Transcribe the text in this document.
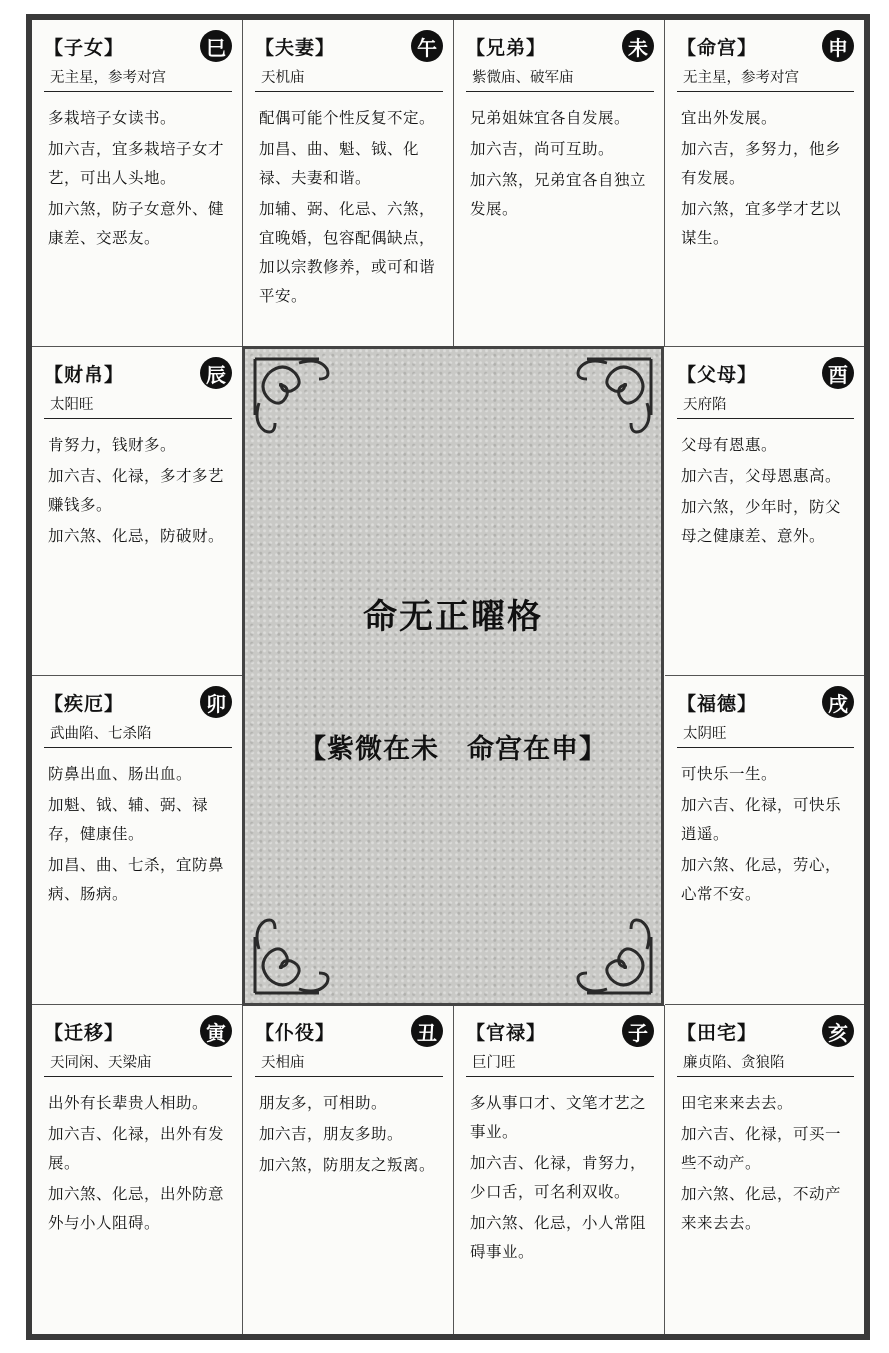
【子女】	巳
无主星，参考对宫

多栽培子女读书。

加六吉，宜多栽培子女才艺，可出人头地。

加六煞，防子女意外、健康差、交恶友。

【夫妻】	午
天机庙

配偶可能个性反复不定。

加昌、曲、魁、钺、化禄、夫妻和谐。

加辅、弼、化忌、六煞，宜晚婚，包容配偶缺点，加以宗教修养，或可和谐平安。

【兄弟】	未
紫微庙、破军庙

兄弟姐妹宜各自发展。

加六吉，尚可互助。

加六煞，兄弟宜各自独立发展。

【命宫】	申
无主星，参考对宫

宜出外发展。

加六吉，多努力，他乡有发展。

加六煞，宜多学才艺以谋生。

【财帛】	辰
太阳旺

肯努力，钱财多。

加六吉、化禄，多才多艺赚钱多。

加六煞、化忌，防破财。

【疾厄】	卯
武曲陷、七杀陷

防鼻出血、肠出血。

加魁、钺、辅、弼、禄存，健康佳。

加昌、曲、七杀，宜防鼻病、肠病。

【父母】	酉
天府陷

父母有恩惠。

加六吉，父母恩惠高。

加六煞，少年时，防父母之健康差、意外。

【福德】	戌
太阴旺

可快乐一生。

加六吉、化禄，可快乐逍遥。

加六煞、化忌，劳心，心常不安。

【迁移】	寅
天同闲、天梁庙

出外有长辈贵人相助。

加六吉、化禄，出外有发展。

加六煞、化忌，出外防意外与小人阻碍。

【仆役】	丑
天相庙

朋友多，可相助。

加六吉，朋友多助。

加六煞，防朋友之叛离。

【官禄】	子
巨门旺

多从事口才、文笔才艺之事业。

加六吉、化禄，肯努力，少口舌，可名利双收。

加六煞、化忌，小人常阻碍事业。

【田宅】	亥
廉贞陷、贪狼陷

田宅来来去去。

加六吉、化禄，可买一些不动产。

加六煞、化忌，不动产来来去去。

命无正曜格
【紫微在未　命宫在申】
